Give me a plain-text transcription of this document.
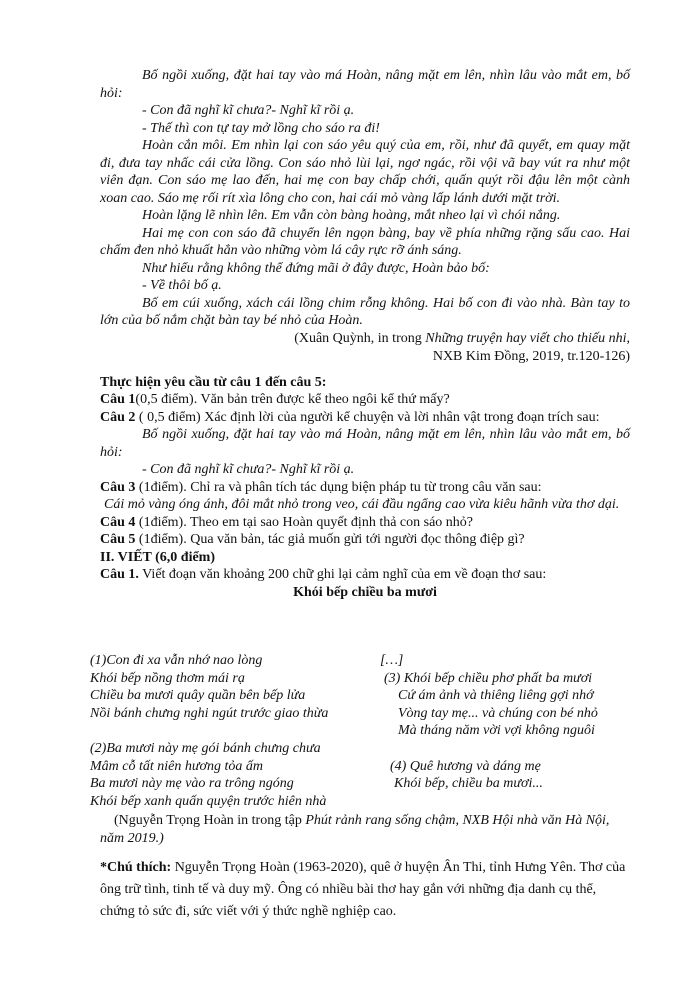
Bố ngồi xuống, đặt hai tay vào má Hoàn, nâng mặt em lên, nhìn lâu vào mắt em, bố hỏi:

- Con đã nghĩ kĩ chưa?- Nghĩ kĩ rồi ạ.

- Thế thì con tự tay mở lồng cho sáo ra đi!

Hoàn cắn môi. Em nhìn lại con sáo yêu quý của em, rồi, như đã quyết, em quay mặt đi, đưa tay nhấc cái cửa lồng. Con sáo nhỏ lùi lại, ngơ ngác, rồi vội vã bay vút ra như một viên đạn. Con sáo mẹ lao đến, hai mẹ con bay chấp chới, quấn quýt rồi đậu lên một cành xoan cao. Sáo mẹ rối rít xìa lông cho con, hai cái mỏ vàng lấp lánh dưới mặt trời.

Hoàn lặng lẽ nhìn lên. Em vẫn còn bàng hoàng, mắt nheo lại vì chói nắng.

Hai mẹ con con sáo đã chuyển lên ngọn bàng, bay về phía những rặng sấu cao. Hai chấm đen nhỏ khuất hẳn vào những vòm lá cây rực rỡ ánh sáng.

Như hiểu rằng không thể đứng mãi ở đây được, Hoàn bảo bố:

- Về thôi bố ạ.

Bố em cúi xuống, xách cái lồng chim rỗng không. Hai bố con đi vào nhà. Bàn tay to lớn của bố nắm chặt bàn tay bé nhỏ của Hoàn.

(Xuân Quỳnh, in trong Những truyện hay viết cho thiếu nhi,
NXB Kim Đồng, 2019, tr.120-126)

Thực hiện yêu cầu từ câu 1 đến câu 5:

Câu 1(0,5 điểm). Văn bản trên được kể theo ngôi kể thứ mấy?

Câu 2 ( 0,5 điểm) Xác định lời của người kể chuyện và lời nhân vật trong đoạn trích sau:

Bố ngồi xuống, đặt hai tay vào má Hoàn, nâng mặt em lên, nhìn lâu vào mắt em, bố hỏi:

- Con đã nghĩ kĩ chưa?- Nghĩ kĩ rồi ạ.

Câu 3 (1điểm). Chỉ ra và phân tích tác dụng biện pháp tu từ trong câu văn sau:

Cái mỏ vàng óng ánh, đôi mắt nhỏ trong veo, cái đầu ngẩng cao vừa kiêu hãnh vừa thơ dại.

Câu 4 (1điểm). Theo em tại sao Hoàn quyết định thả con sáo nhỏ?

Câu 5 (1điểm). Qua văn bản, tác giả muốn gửi tới người đọc thông điệp gì?

II. VIẾT (6,0 điểm)

Câu 1. Viết đoạn văn khoảng 200 chữ ghi lại cảm nghĩ của em về đoạn thơ sau:

Khói bếp chiều ba mươi

(1)Con đi xa vẫn nhớ nao lòng
Khói bếp nồng thơm mái rạ
Chiều ba mươi quây quần bên bếp lửa
Nồi bánh chưng nghi ngút trước giao thừa
(2)Ba mươi này mẹ gói bánh chưng chưa
Mâm cỗ tất niên hương tỏa ấm
Ba mươi này mẹ vào ra trông ngóng
Khói bếp xanh quấn quyện trước hiên nhà
[…]
(3) Khói bếp chiều phơ phất ba mươi
Cứ ám ảnh và thiêng liêng gợi nhớ
Vòng tay mẹ... và chúng con bé nhỏ
Mà tháng năm vời vợi không nguôi
(4) Quê hương và dáng mẹ
Khói bếp, chiều ba mươi...
(Nguyễn Trọng Hoàn in trong tập Phút rảnh rang sống chậm, NXB Hội nhà văn Hà Nội, năm 2019.)
*Chú thích: Nguyễn Trọng Hoàn (1963-2020), quê ở huyện Ân Thi, tỉnh Hưng Yên. Thơ của ông trữ tình, tinh tế và duy mỹ. Ông có nhiều bài thơ hay gắn với những địa danh cụ thể, chứng tỏ sức đi, sức viết với ý thức nghề nghiệp cao.
